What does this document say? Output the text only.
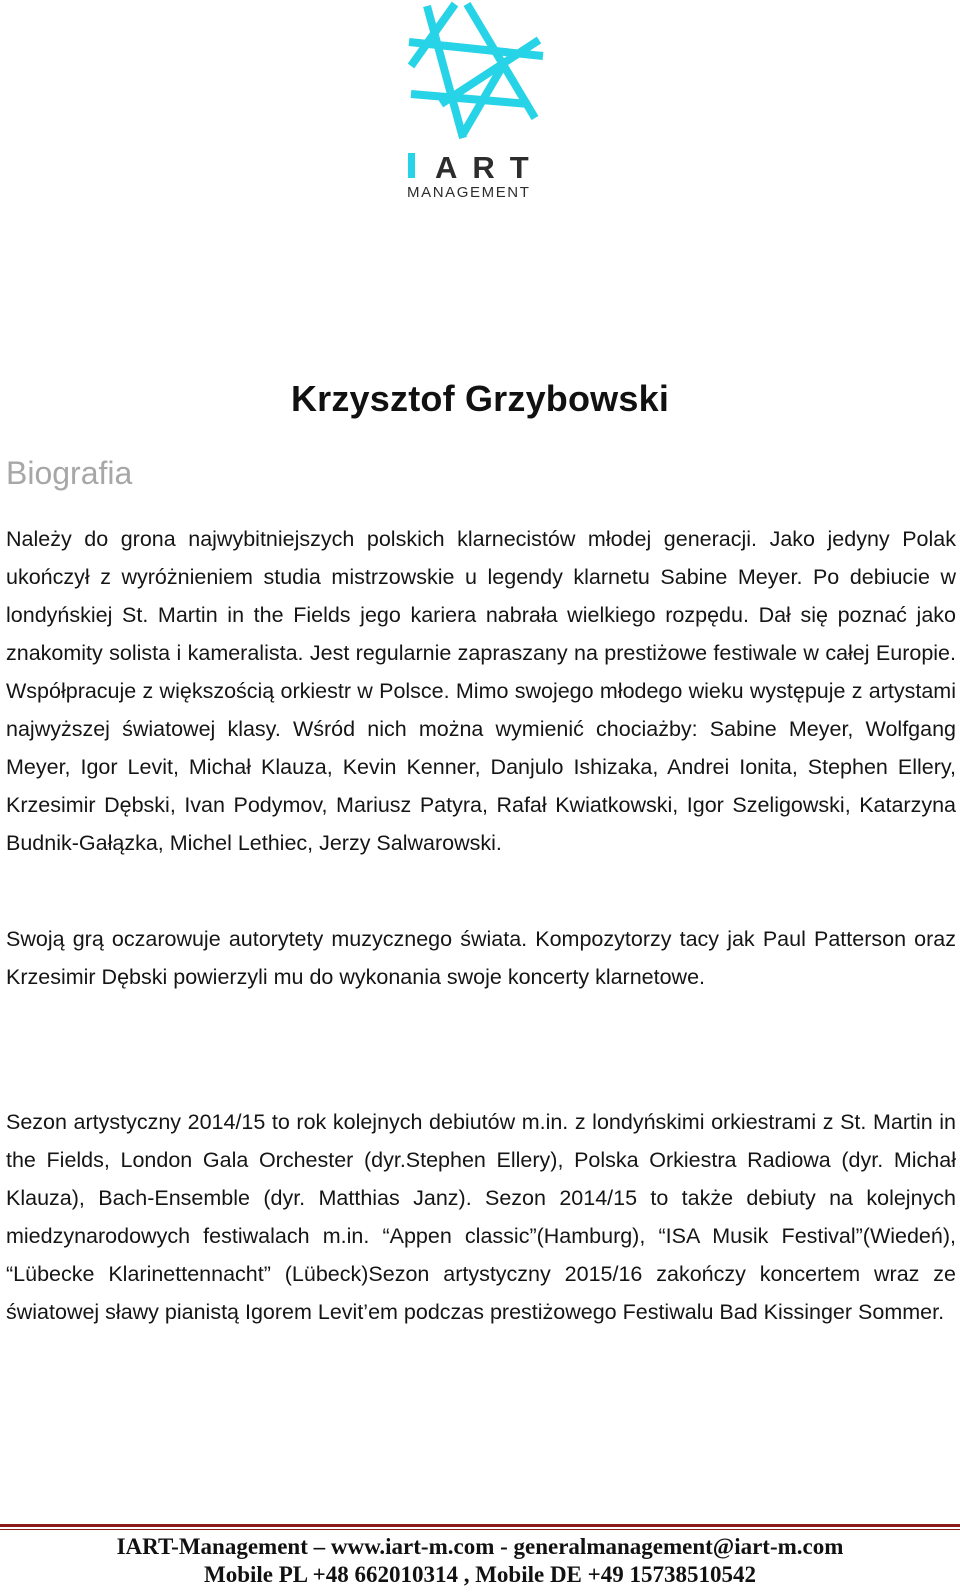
ART
MANAGEMENT
Krzysztof Grzybowski
Biografia
Należy do grona najwybitniejszych polskich klarnecistów młodej generacji. Jako jedyny Polak ukończył z wyróżnieniem studia mistrzowskie u legendy klarnetu Sabine Meyer. Po debiucie w londyńskiej St. Martin in the Fields jego kariera nabrała wielkiego rozpędu. Dał się poznać jako znakomity solista i kameralista. Jest regularnie zapraszany na prestiżowe festiwale w całej Europie. Współpracuje z większością orkiestr w Polsce. Mimo swojego młodego wieku występuje z artystami najwyższej światowej klasy. Wśród nich można wymienić chociażby: Sabine Meyer, Wolfgang Meyer, Igor Levit, Michał Klauza, Kevin Kenner, Danjulo Ishizaka, Andrei Ionita, Stephen Ellery, Krzesimir Dębski, Ivan Podymov, Mariusz Patyra, Rafał Kwiatkowski, Igor Szeligowski, Katarzyna Budnik-Gałązka, Michel Lethiec, Jerzy Salwarowski.
Swoją grą oczarowuje autorytety muzycznego świata. Kompozytorzy tacy jak Paul Patterson oraz Krzesimir Dębski powierzyli mu do wykonania swoje koncerty klarnetowe.
Sezon artystyczny 2014/15 to rok kolejnych debiutów m.in. z londyńskimi orkiestrami z St. Martin in the Fields, London Gala Orchester (dyr.Stephen Ellery), Polska Orkiestra Radiowa (dyr. Michał Klauza), Bach-Ensemble (dyr. Matthias Janz). Sezon 2014/15 to także debiuty na kolejnych miedzynarodowych festiwalach m.in. “Appen classic”(Hamburg), “ISA Musik Festival”(Wiedeń), “Lübecke Klarinettennacht” (Lübeck)Sezon artystyczny 2015/16 zakończy koncertem wraz ze światowej sławy pianistą Igorem Levit’em podczas prestiżowego Festiwalu Bad Kissinger Sommer.
IART-Management – www.iart-m.com - generalmanagement@iart-m.com
Mobile PL +48 662010314 , Mobile DE +49 15738510542
